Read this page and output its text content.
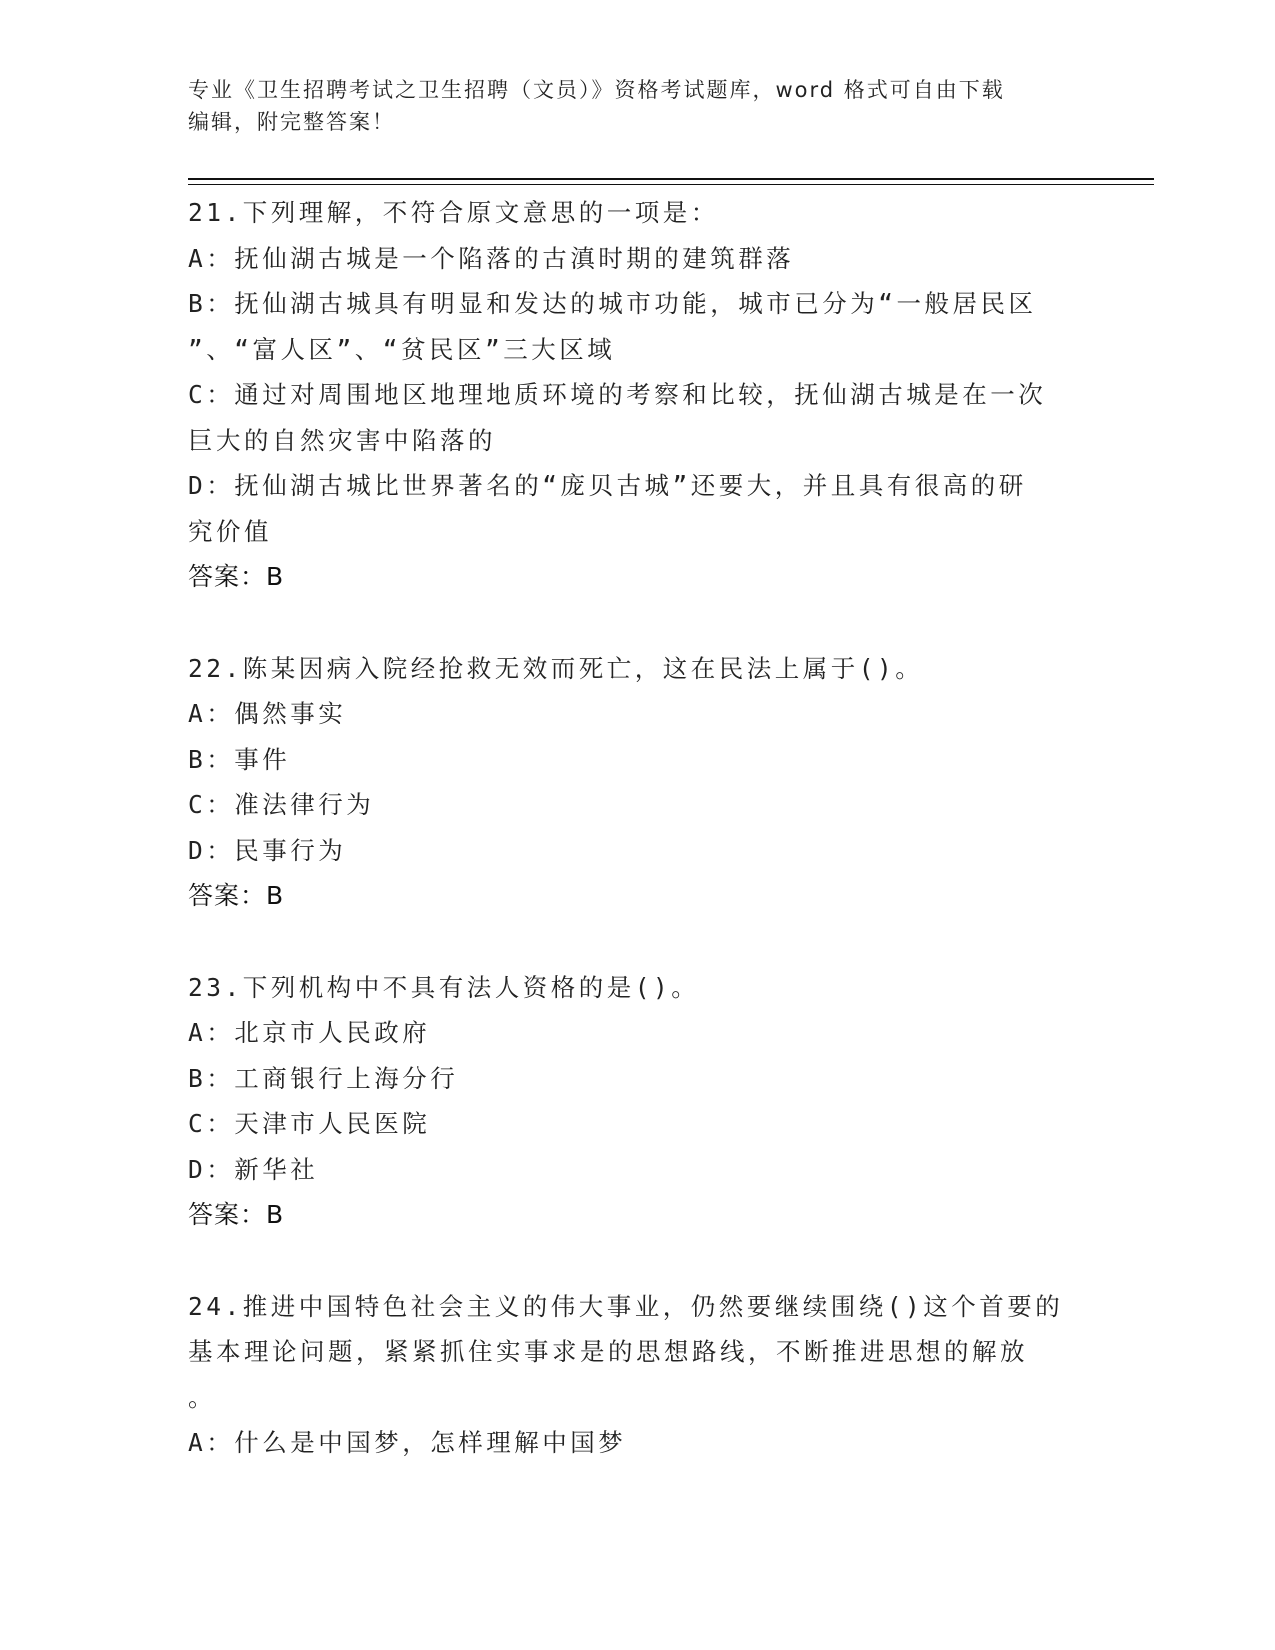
专业《卫生招聘考试之卫生招聘（文员）》资格考试题库，word 格式可自由下载
编辑，附完整答案！
21.下列理解，不符合原文意思的一项是：
A：抚仙湖古城是一个陷落的古滇时期的建筑群落
B：抚仙湖古城具有明显和发达的城市功能，城市已分为“一般居民区
”、“富人区”、“贫民区”三大区域
C：通过对周围地区地理地质环境的考察和比较，抚仙湖古城是在一次
巨大的自然灾害中陷落的
D：抚仙湖古城比世界著名的“庞贝古城”还要大，并且具有很高的研
究价值
答案：B
22.陈某因病入院经抢救无效而死亡，这在民法上属于()。
A：偶然事实
B：事件
C：准法律行为
D：民事行为
答案：B
23.下列机构中不具有法人资格的是()。
A：北京市人民政府
B：工商银行上海分行
C：天津市人民医院
D：新华社
答案：B
24.推进中国特色社会主义的伟大事业，仍然要继续围绕()这个首要的
基本理论问题，紧紧抓住实事求是的思想路线，不断推进思想的解放
。
A：什么是中国梦，怎样理解中国梦
